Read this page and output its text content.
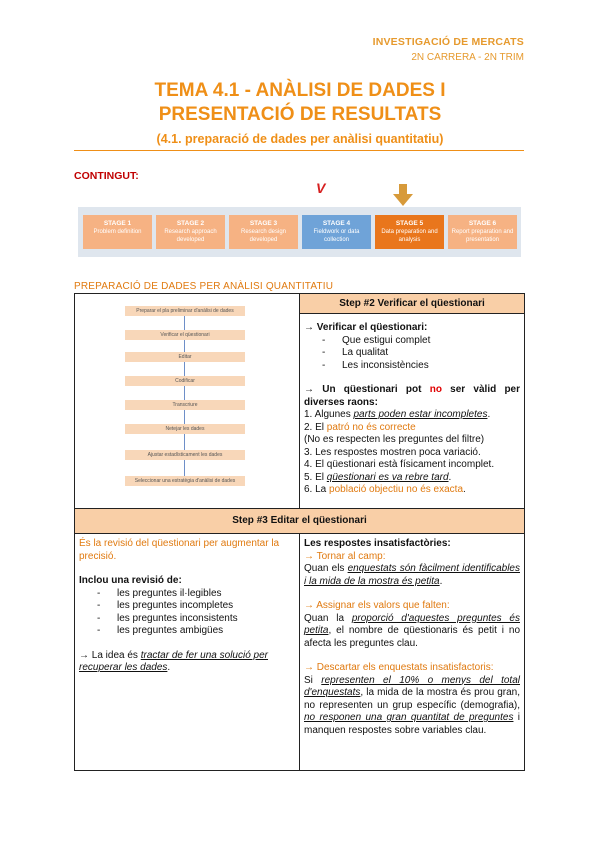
INVESTIGACIÓ DE MERCATS
2N CARRERA - 2N TRIM
TEMA 4.1 - ANÀLISI DE DADES I
PRESENTACIÓ DE RESULTATS
(4.1. preparació de dades per anàlisi quantitatiu)
CONTINGUT:
V
STAGE 1
Problem definition
STAGE 2
Research approach developed
STAGE 3
Research design developed
STAGE 4
Fieldwork or data collection
STAGE 5
Data preparation and analysis
STAGE 6
Report preparation and presentation
PREPARACIÓ DE DADES PER ANÀLISI QUANTITATIU
Preparar el pla preliminar d'anàlisi de dades
Verificar el qüestionari
Editar
Codificar
Transcriure
Netejar les dades
Ajustar estadísticament les dades
Seleccionar una estratègia d'anàlisi de dades
Step #2 Verificar el qüestionari

→ Verificar el qüestionari:

- Que estigui complet
- La qualitat
- Les inconsistències

→ Un qüestionari pot no ser vàlid per diverses raons:

1. Algunes parts poden estar incompletes.

2. El patró no és correcte

(No es respecten les preguntes del filtre)

3. Les respostes mostren poca variació.

4. El qüestionari està físicament incomplet.

5. El qüestionari es va rebre tard.

6. La població objectiu no és exacta.

Step #3 Editar el qüestionari

És la revisió del qüestionari per augmentar la precisió.

Inclou una revisió de:

- les preguntes il·legibles
- les preguntes incompletes
- les preguntes inconsistents
- les preguntes ambigües

→ La idea és tractar de fer una solució per recuperar les dades.

Les respostes insatisfactòries:

→ Tornar al camp:

Quan els enquestats són fàcilment identificables i la mida de la mostra és petita.

→ Assignar els valors que falten:

Quan la proporció d'aquestes preguntes és petita, el nombre de qüestionaris és petit i no afecta les preguntes clau.

→ Descartar els enquestats insatisfactoris:

Si representen el 10% o menys del total d'enquestats, la mida de la mostra és prou gran, no representen un grup específic (demografia), no responen una gran quantitat de preguntes i manquen respostes sobre variables clau.
